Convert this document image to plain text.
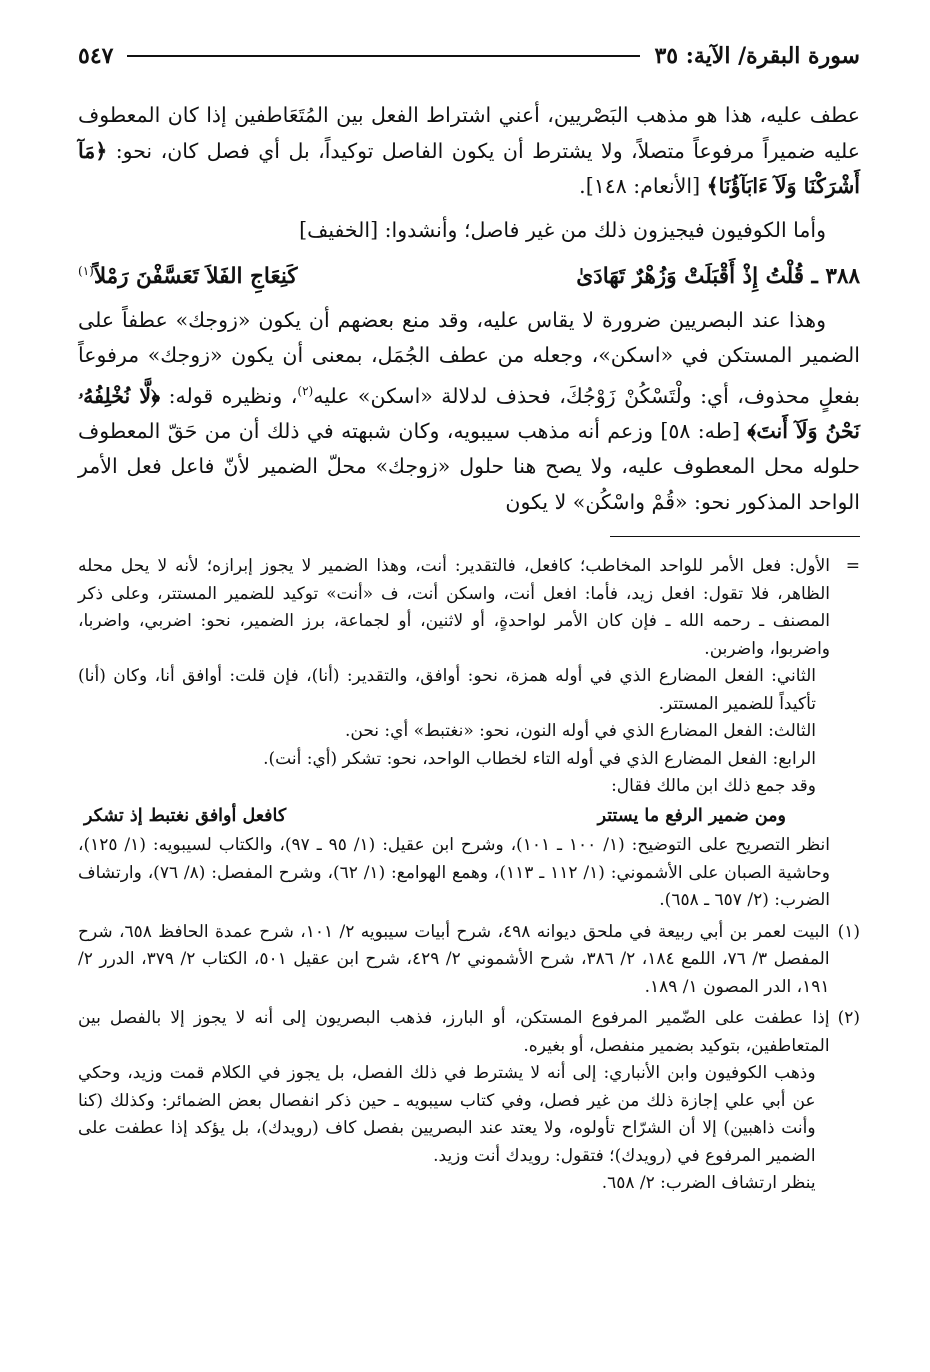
سورة البقرة/ الآية: ٣٥
٥٤٧

عطف عليه، هذا هو مذهب البَصْريين، أعني اشتراط الفعل بين المُتَعَاطفين إذا كان المعطوف عليه ضميراً مرفوعاً متصلاً، ولا يشترط أن يكون الفاصل توكيداً، بل أي فصل كان، نحو: ﴿مَآ أَشْرَكْنَا وَلَآ ءَابَآؤُنَا﴾ [الأنعام: ١٤٨].

وأما الكوفيون فيجيزون ذلك من غير فاصل؛ وأنشدوا: [الخفيف]

٣٨٨ ـ قُلْتُ إِذْ أَقْبَلَتْ وَزُهْرٌ تَهَادَىٰ
كَنِعَاجِ الفَلاَ تَعَسَّفْنَ رَمْلاً$^{(١)}$

وهذا عند البصريين ضرورة لا يقاس عليه، وقد منع بعضهم أن يكون «زوجك» عطفاً على الضمير المستكن في «اسكن»، وجعله من عطف الجُمَل، بمعنى أن يكون «زوجك» مرفوعاً بفعلٍ محذوف، أي: ولْتَسْكُنْ زَوْجُكَ، فحذف لدلالة «اسكن» عليه$^{(٢)}$، ونظيره قوله: ﴿لَّا نُخْلِفُهُۥ نَحْنُ وَلَآ أَنتَ﴾ [طه: ٥٨] وزعم أنه مذهب سيبويه، وكان شبهته في ذلك أن من حَقّ المعطوف حلوله محل المعطوف عليه، ولا يصح هنا حلول «زوجك» محلّ الضمير لأنّ فاعل فعل الأمر الواحد المذكور نحو: «قُمْ واسْكُن» لا يكون

=

الأول: فعل الأمر للواحد المخاطب؛ كافعل، فالتقدير: أنت، وهذا الضمير لا يجوز إبرازه؛ لأنه لا يحل محله الظاهر، فلا تقول: افعل زيد، فأما: افعل أنت، واسكن أنت، ف «أنت» توكيد للضمير المستتر، وعلى ذكر المصنف ـ رحمه الله ـ فإن كان الأمر لواحدةٍ، أو لاثنين، أو لجماعة، برز الضمير، نحو: اضربي، واضربا، واضربوا، واضربن.

الثاني: الفعل المضارع الذي في أوله همزة، نحو: أوافق، والتقدير: (أنا)، فإن قلت: أوافق أنا، وكان (أنا) تأكيداً للضمير المستتر.

الثالث: الفعل المضارع الذي في أوله النون، نحو: «نغتبط» أي: نحن.

الرابع: الفعل المضارع الذي في أوله التاء لخطاب الواحد، نحو: تشكر (أي: أنت).

وقد جمع ذلك ابن مالك فقال:

ومن ضمير الرفع ما يستتر
كافعل أوافق نغتبط إذ تشكر

انظر التصريح على التوضيح: (١/ ١٠٠ ـ ١٠١)، وشرح ابن عقيل: (١/ ٩٥ ـ ٩٧)، والكتاب لسيبويه: (١/ ١٢٥)، وحاشية الصبان على الأشموني: (١/ ١١٢ ـ ١١٣)، وهمع الهوامع: (١/ ٦٢)، وشرح المفصل: (٨/ ٧٦)، وارتشاف الضرب: (٢/ ٦٥٧ ـ ٦٥٨).

(١)

البيت لعمر بن أبي ربيعة في ملحق ديوانه ٤٩٨، شرح أبيات سيبويه ٢/ ١٠١، شرح عمدة الحافظ ٦٥٨، شرح المفصل ٣/ ٧٦، اللمع ١٨٤، ٢/ ٣٨٦، شرح الأشموني ٢/ ٤٢٩، شرح ابن عقيل ٥٠١، الكتاب ٢/ ٣٧٩، الدرر ٢/ ١٩١، الدر المصون ١/ ١٨٩.

(٢)

إذا عطفت على الضّمير المرفوع المستكن، أو البارز، فذهب البصريون إلى أنه لا يجوز إلا بالفصل بين المتعاطفين، بتوكيد بضمير منفصل، أو بغيره.

وذهب الكوفيون وابن الأنباري: إلى أنه لا يشترط في ذلك الفصل، بل يجوز في الكلام قمت وزيد، وحكي عن أبي علي إجازة ذلك من غير فصل، وفي كتاب سيبويه ـ حين ذكر انفصال بعض الضمائر: وكذلك (كنا وأنت ذاهبين) إلا أن الشرّاح تأولوه، ولا يعتد عند البصريين بفصل كاف (رويدك)، بل يؤكد إذا عطفت على الضمير المرفوع في (رويدك)؛ فتقول: رويدك أنت وزيد.

ينظر ارتشاف الضرب: ٢/ ٦٥٨.
